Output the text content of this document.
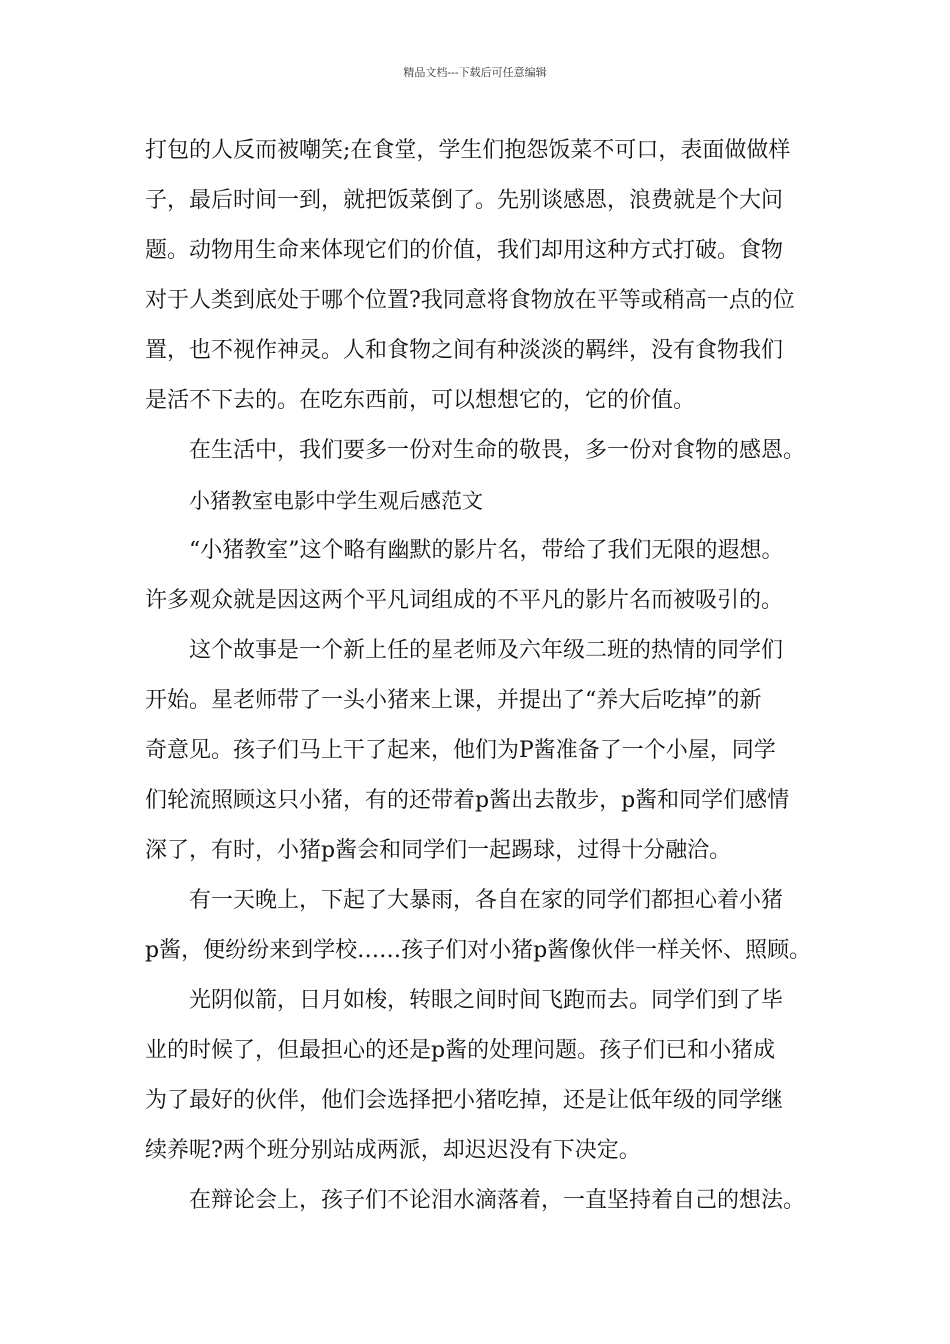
精品文档---下载后可任意编辑
打包的人反而被嘲笑;在食堂，学生们抱怨饭菜不可口，表面做做样
子，最后时间一到，就把饭菜倒了。先别谈感恩，浪费就是个大问
题。动物用生命来体现它们的价值，我们却用这种方式打破。食物
对于人类到底处于哪个位置?我同意将食物放在平等或稍高一点的位
置，也不视作神灵。人和食物之间有种淡淡的羁绊，没有食物我们
是活不下去的。在吃东西前，可以想想它的，它的价值。
在生活中，我们要多一份对生命的敬畏，多一份对食物的感恩。
小猪教室电影中学生观后感范文
“小猪教室”这个略有幽默的影片名，带给了我们无限的遐想。
许多观众就是因这两个平凡词组成的不平凡的影片名而被吸引的。
这个故事是一个新上任的星老师及六年级二班的热情的同学们
开始。星老师带了一头小猪来上课，并提出了“养大后吃掉”的新
奇意见。孩子们马上干了起来，他们为P酱准备了一个小屋，同学
们轮流照顾这只小猪，有的还带着p酱出去散步，p酱和同学们感情
深了，有时，小猪p酱会和同学们一起踢球，过得十分融洽。
有一天晚上，下起了大暴雨，各自在家的同学们都担心着小猪
p酱，便纷纷来到学校……孩子们对小猪p酱像伙伴一样关怀、照顾。
光阴似箭，日月如梭，转眼之间时间飞跑而去。同学们到了毕
业的时候了，但最担心的还是p酱的处理问题。孩子们已和小猪成
为了最好的伙伴，他们会选择把小猪吃掉，还是让低年级的同学继
续养呢?两个班分别站成两派，却迟迟没有下决定。
在辩论会上，孩子们不论泪水滴落着，一直坚持着自己的想法。
